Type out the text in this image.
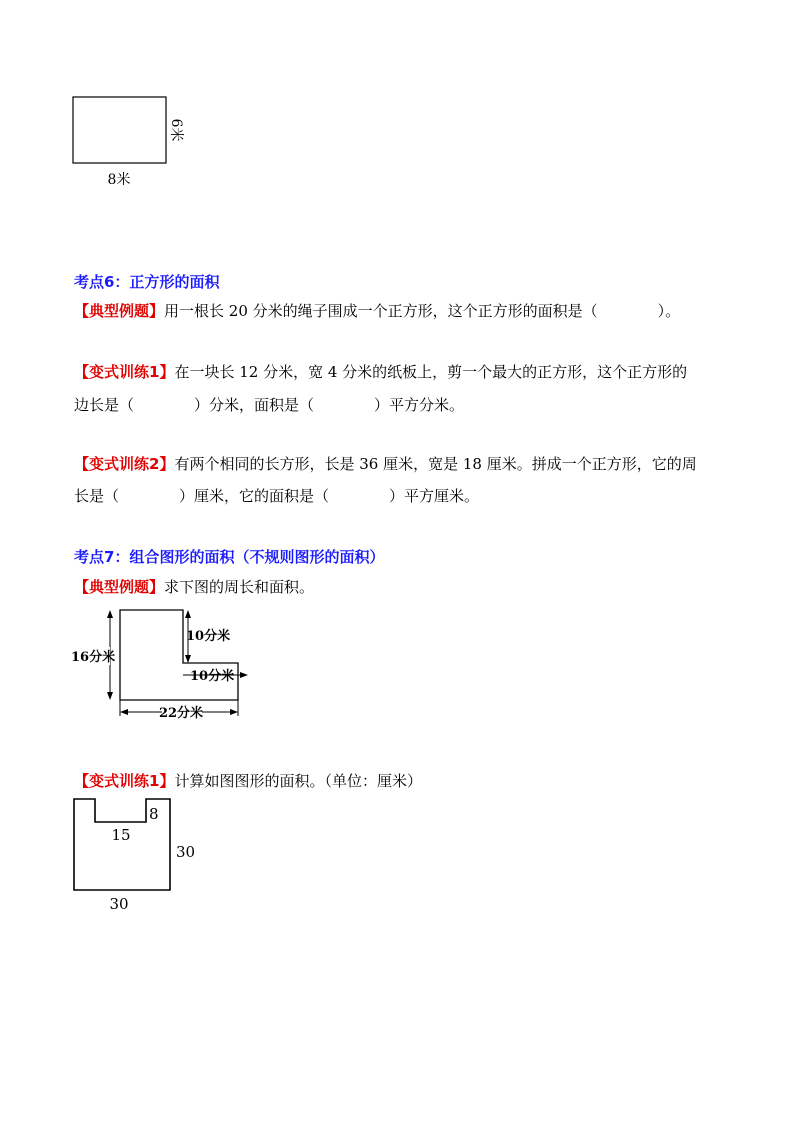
8米
6米
考点6：正方形的面积
【典型例题】用一根长 20 分米的绳子围成一个正方形，这个正方形的面积是（　　　　）。
【变式训练1】在一块长 12 分米，宽 4 分米的纸板上，剪一个最大的正方形，这个正方形的
边长是（　　　　）分米，面积是（　　　　）平方分米。
【变式训练2】有两个相同的长方形，长是 36 厘米，宽是 18 厘米。拼成一个正方形，它的周
长是（　　　　）厘米，它的面积是（　　　　）平方厘米。
考点7：组合图形的面积（不规则图形的面积）
【典型例题】求下图的周长和面积。
16分米
10分米
10分米
22分米
【变式训练1】计算如图图形的面积。（单位：厘米）
8
15
30
30
